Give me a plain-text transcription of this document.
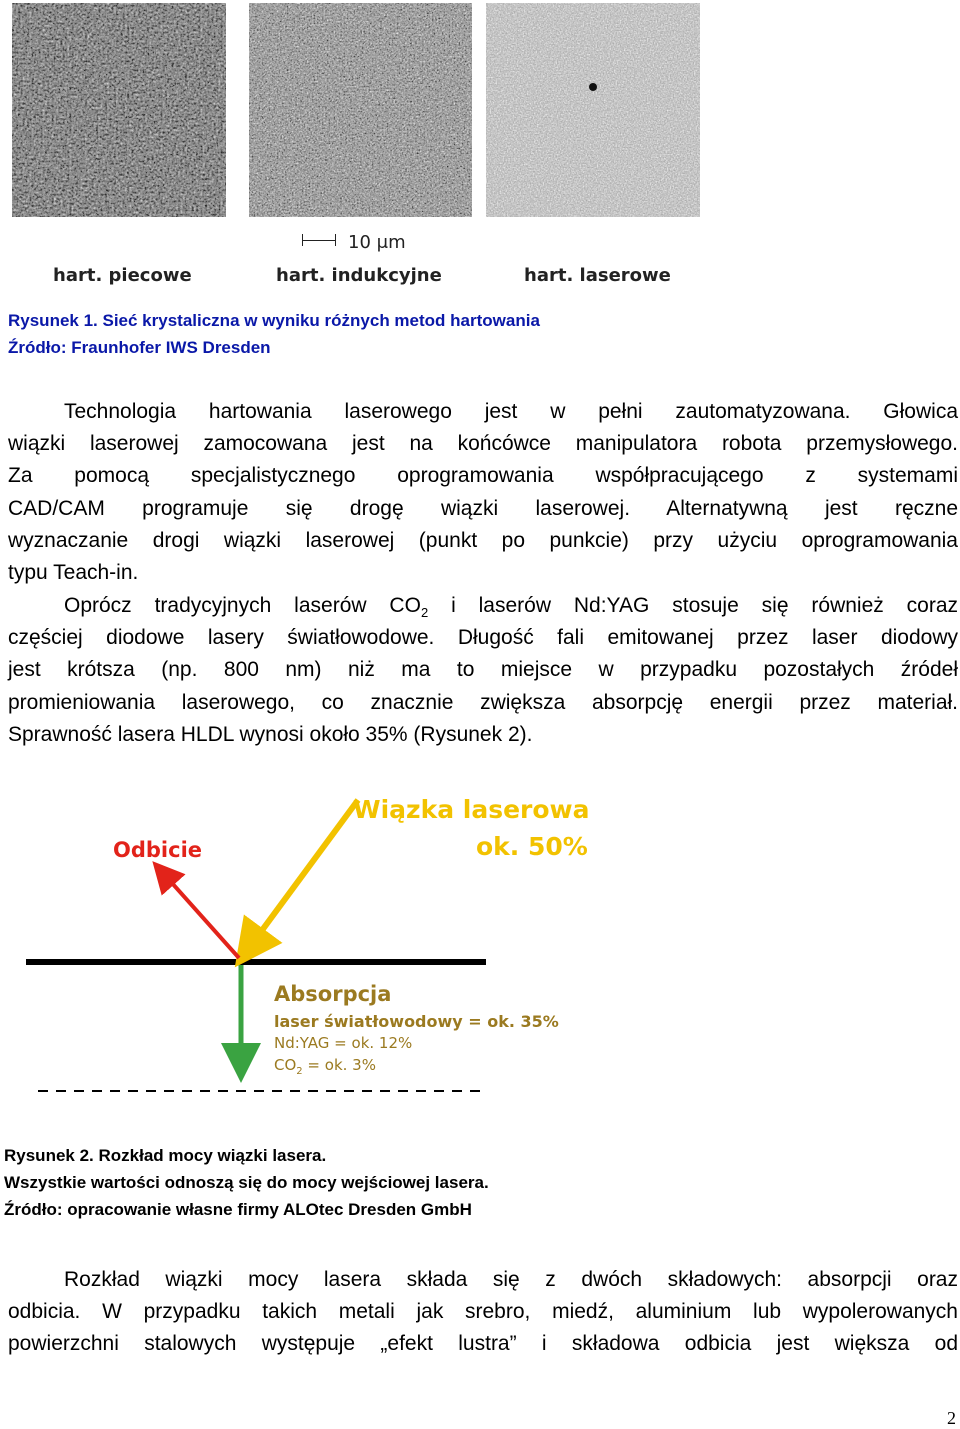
10 μm
hart. piecowe	hart. indukcyjne	hart. laserowe
Rysunek 1. Sieć krystaliczna w wyniku różnych metod hartowania
Źródło: Fraunhofer IWS Dresden
Technologia hartowania laserowego jest w pełni zautomatyzowana. Głowica
wiązki laserowej zamocowana jest na końcówce manipulatora robota przemysłowego.
Za pomocą specjalistycznego oprogramowania współpracującego z systemami
CAD/CAM programuje się drogę wiązki laserowej. Alternatywną jest ręczne
wyznaczanie drogi wiązki laserowej (punkt po punkcie) przy użyciu oprogramowania
typu Teach-in.
Oprócz tradycyjnych laserów $CO_2$ i laserów Nd:YAG stosuje się również coraz
częściej diodowe lasery światłowodowe. Długość fali emitowanej przez laser diodowy
jest krótsza (np. 800 nm) niż ma to miejsce w przypadku pozostałych źródeł
promieniowania laserowego, co znacznie zwiększa absorpcję energii przez materiał.
Sprawność lasera HLDL wynosi około 35% (Rysunek 2).
Wiązka laserowa
ok. 50%
Odbicie
Absorpcja
laser światłowodowy = ok. 35%
Nd:YAG = ok. 12%
$CO_2$ = ok. 3%
Rysunek 2. Rozkład mocy wiązki lasera.
Wszystkie wartości odnoszą się do mocy wejściowej lasera.
Źródło: opracowanie własne firmy ALOtec Dresden GmbH
Rozkład wiązki mocy lasera składa się z dwóch składowych: absorpcji oraz
odbicia. W przypadku takich metali jak srebro, miedź, aluminium lub wypolerowanych
powierzchni stalowych występuje „efekt lustra” i składowa odbicia jest większa od
2
